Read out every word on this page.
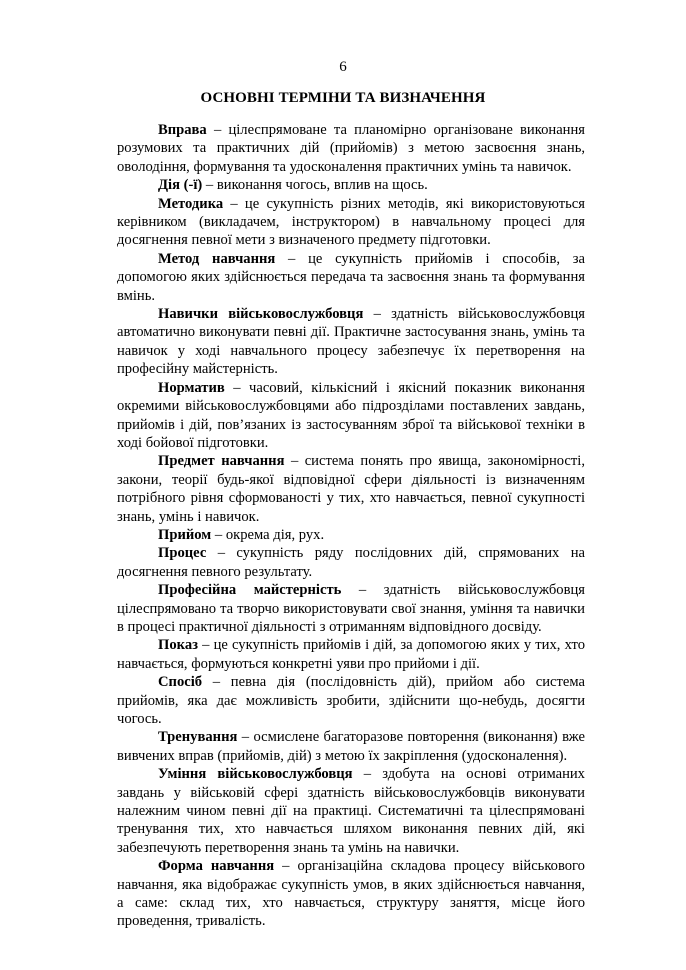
6
ОСНОВНІ ТЕРМІНИ ТА ВИЗНАЧЕННЯ

Вправа – цілеспрямоване та планомірно організоване виконання розумових та практичних дій (прийомів) з метою засвоєння знань, оволодіння, формування та удосконалення практичних умінь та навичок.

Дія (-ї) – виконання чогось, вплив на щось.

Методика – це сукупність різних методів, які використовуються керівником (викладачем, інструктором) в навчальному процесі для досягнення певної мети з визначеного предмету підготовки.

Метод навчання – це сукупність прийомів і способів, за допомогою яких здійснюється передача та засвоєння знань та формування вмінь.

Навички військовослужбовця – здатність військовослужбовця автоматично виконувати певні дії. Практичне застосування знань, умінь та навичок у ході навчального процесу забезпечує їх перетворення на професійну майстерність.

Норматив – часовий, кількісний і якісний показник виконання окремими військовослужбовцями або підрозділами поставлених завдань, прийомів і дій, пов’язаних із застосуванням зброї та військової техніки в ході бойової підготовки.

Предмет навчання – система понять про явища, закономірності, закони, теорії будь-якої відповідної сфери діяльності із визначенням потрібного рівня сформованості у тих, хто навчається, певної сукупності знань, умінь і навичок.

Прийом – окрема дія, рух.

Процес – сукупність ряду послідовних дій, спрямованих на досягнення певного результату.

Професійна майстерність – здатність військовослужбовця цілеспрямовано та творчо використовувати свої знання, уміння та навички в процесі практичної діяльності з отриманням відповідного досвіду.

Показ – це сукупність прийомів і дій, за допомогою яких у тих, хто навчається, формуються конкретні уяви про прийоми і дії.

Спосіб – певна дія (послідовність дій), прийом або система прийомів, яка дає можливість зробити, здійснити що-небудь, досягти чогось.

Тренування – осмислене багаторазове повторення (виконання) вже вивчених вправ (прийомів, дій) з метою їх закріплення (удосконалення).

Уміння військовослужбовця – здобута на основі отриманих завдань у військовій сфері здатність військовослужбовців виконувати належним чином певні дії на практиці. Систематичні та цілеспрямовані тренування тих, хто навчається шляхом виконання певних дій, які забезпечують перетворення знань та умінь на навички.

Форма навчання – організаційна складова процесу військового навчання, яка відображає сукупність умов, в яких здійснюється навчання, а саме: склад тих, хто навчається, структуру заняття, місце його проведення, тривалість.
